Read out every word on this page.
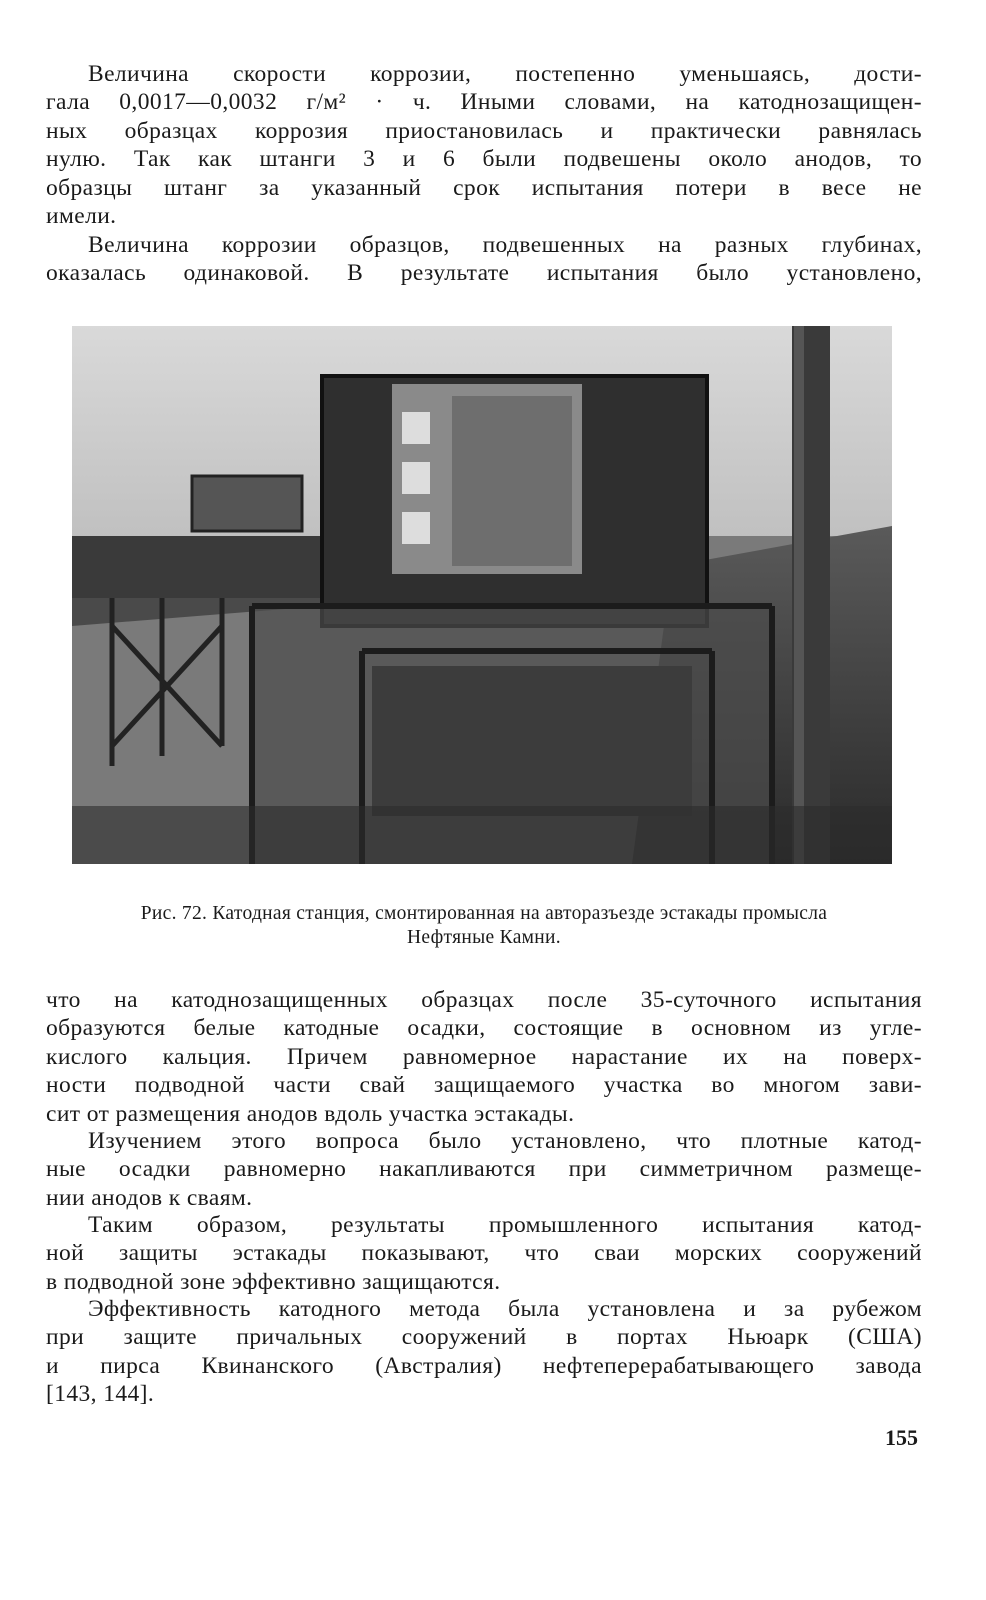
Величина скорости коррозии, постепенно уменьшаясь, дости-
гала 0,0017—0,0032 г/м² · ч. Иными словами, на катоднозащищен-
ных образцах коррозия приостановилась и практически равнялась
нулю. Так как штанги 3 и 6 были подвешены около анодов, то
образцы штанг за указанный срок испытания потери в весе не
имели.

Величина коррозии образцов, подвешенных на разных глубинах,
оказалась одинаковой. В результате испытания было установлено,

Рис. 72. Катодная станция, смонтированная на авторазъезде эстакады промысла
Нефтяные Камни.

что на катоднозащищенных образцах после 35-суточного испытания
образуются белые катодные осадки, состоящие в основном из угле-
кислого кальция. Причем равномерное нарастание их на поверх-
ности подводной части свай защищаемого участка во многом зави-
сит от размещения анодов вдоль участка эстакады.

Изучением этого вопроса было установлено, что плотные катод-
ные осадки равномерно накапливаются при симметричном размеще-
нии анодов к сваям.

Таким образом, результаты промышленного испытания катод-
ной защиты эстакады показывают, что сваи морских сооружений
в подводной зоне эффективно защищаются.

Эффективность катодного метода была установлена и за рубежом
при защите причальных сооружений в портах Ньюарк (США)
и пирса Квинанского (Австралия) нефтеперерабатывающего завода
[143, 144].

155
